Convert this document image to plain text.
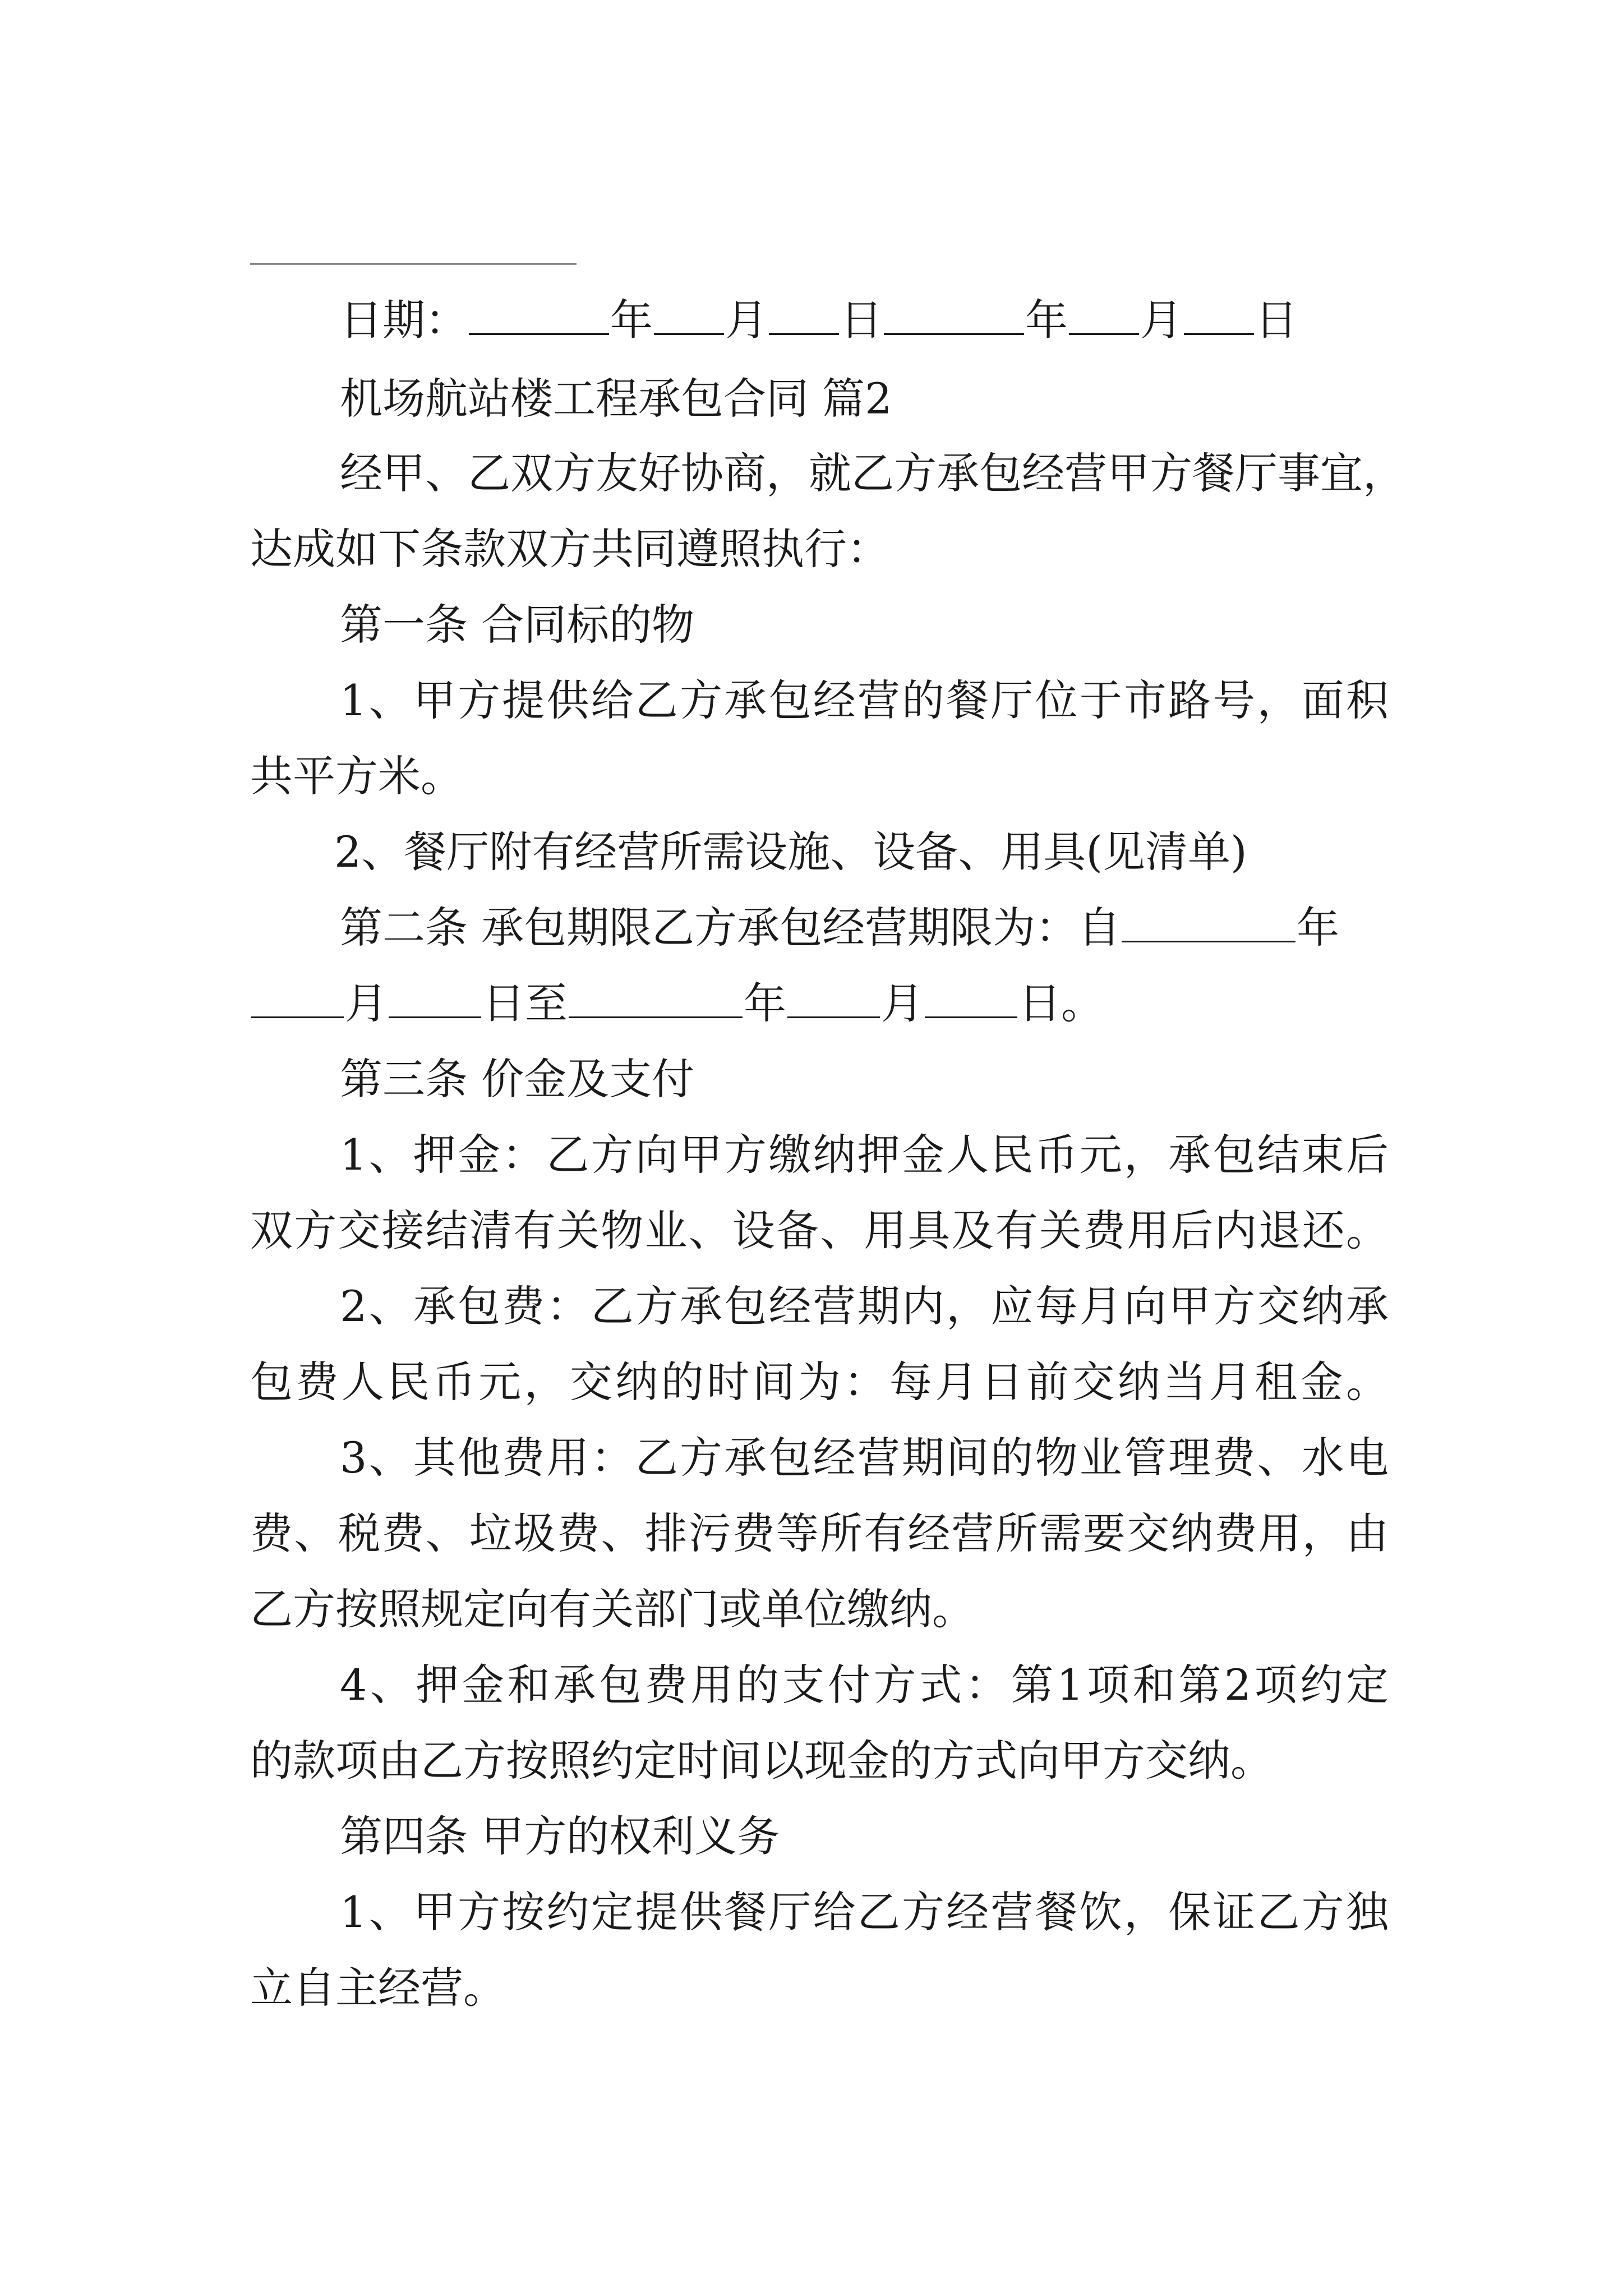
日期：	年 月 日	年 月 日
机场航站楼工程承包合同 篇2
经甲、乙双方友好协商，就乙方承包经营甲方餐厅事宜，
达成如下条款双方共同遵照执行：
第一条 合同标的物
1、甲方提供给乙方承包经营的餐厅位于市路号，面积
共平方米。
2、餐厅附有经营所需设施、设备、用具(见清单)
第二条 承包期限乙方承包经营期限为：自	年
月 日至	年 月 日。
第三条 价金及支付
1、押金：乙方向甲方缴纳押金人民币元，承包结束后
双方交接结清有关物业、设备、用具及有关费用后内退还。
2、承包费：乙方承包经营期内，应每月向甲方交纳承
包费人民币元，交纳的时间为：每月日前交纳当月租金。
3、其他费用：乙方承包经营期间的物业管理费、水电
费、税费、垃圾费、排污费等所有经营所需要交纳费用，由
乙方按照规定向有关部门或单位缴纳。
4、押金和承包费用的支付方式：第1项和第2项约定
的款项由乙方按照约定时间以现金的方式向甲方交纳。
第四条 甲方的权利义务
1、甲方按约定提供餐厅给乙方经营餐饮，保证乙方独
立自主经营。
